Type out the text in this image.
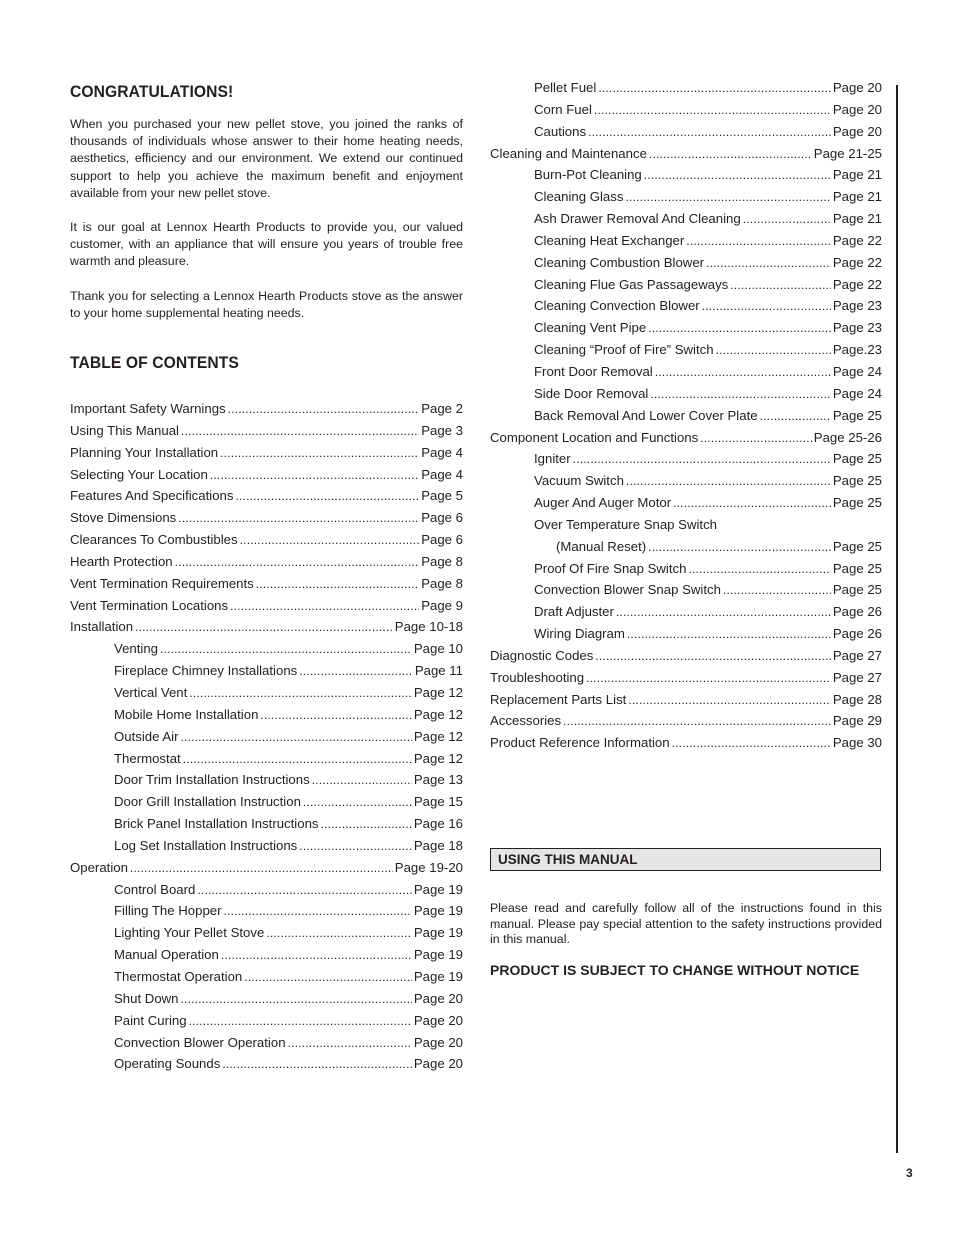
CONGRATULATIONS!

When you purchased your new pellet stove, you joined the ranks of thousands of individuals whose answer to their home heating needs, aesthetics, efficiency and our environment. We extend our continued support to help you achieve the maximum benefit and enjoyment available from your new pellet stove.

It is our goal at Lennox Hearth Products to provide you, our valued customer, with an appliance that will ensure you years of trouble free warmth and pleasure.

Thank you for selecting a Lennox Hearth Products stove as the answer to your home supplemental heating needs.

TABLE OF CONTENTS
Important Safety Warnings .....	Page 2
Using This Manual .....	Page 3
Planning Your Installation .....	Page 4
Selecting Your Location .....	Page 4
Features And Specifications .....	Page 5
Stove Dimensions .....	Page 6
Clearances To Combustibles .....	Page 6
Hearth Protection .....	Page 8
Vent Termination Requirements .....	Page 8
Vent Termination Locations .....	Page 9
Installation .....	Page 10-18
Venting .....	Page 10
Fireplace Chimney Installations .....	Page 11
Vertical Vent .....	Page 12
Mobile Home Installation .....	Page 12
Outside Air .....	Page 12
Thermostat .....	Page 12
Door Trim Installation Instructions .....	Page 13
Door Grill Installation Instruction .....	Page 15
Brick Panel Installation Instructions .....	Page 16
Log Set Installation Instructions .....	Page 18
Operation .....	Page 19-20
Control Board .....	Page 19
Filling The Hopper .....	Page 19
Lighting Your Pellet Stove .....	Page 19
Manual Operation .....	Page 19
Thermostat Operation .....	Page 19
Shut Down .....	Page 20
Paint Curing .....	Page 20
Convection Blower Operation .....	Page 20
Operating Sounds .....	Page 20
Pellet Fuel .....	Page 20
Corn Fuel .....	Page 20
Cautions .....	Page 20
Cleaning and Maintenance .....	Page 21-25
Burn-Pot Cleaning .....	Page 21
Cleaning Glass .....	Page 21
Ash Drawer Removal And Cleaning .....	Page 21
Cleaning Heat Exchanger .....	Page 22
Cleaning Combustion Blower .....	Page 22
Cleaning Flue Gas Passageways .....	Page 22
Cleaning Convection Blower .....	Page 23
Cleaning Vent Pipe .....	Page 23
Cleaning “Proof of Fire” Switch .....	Page.23
Front Door Removal .....	Page 24
Side Door Removal .....	Page 24
Back Removal And Lower Cover Plate .....	Page 25
Component Location and Functions .....	Page 25-26
Igniter .....	Page 25
Vacuum Switch .....	Page 25
Auger And Auger Motor .....	Page 25
Over Temperature Snap Switch
(Manual Reset) .....	Page 25
Proof Of Fire Snap Switch .....	Page 25
Convection Blower Snap Switch .....	Page 25
Draft Adjuster .....	Page 26
Wiring Diagram .....	Page 26
Diagnostic Codes .....	Page 27
Troubleshooting .....	Page 27
Replacement Parts List .....	Page 28
Accessories .....	Page 29
Product Reference Information .....	Page 30
USING THIS MANUAL

Please read and carefully follow all of the instructions found in this manual. Please pay special attention to the safety instructions provided in this manual.

PRODUCT IS SUBJECT TO CHANGE WITHOUT NOTICE

3
